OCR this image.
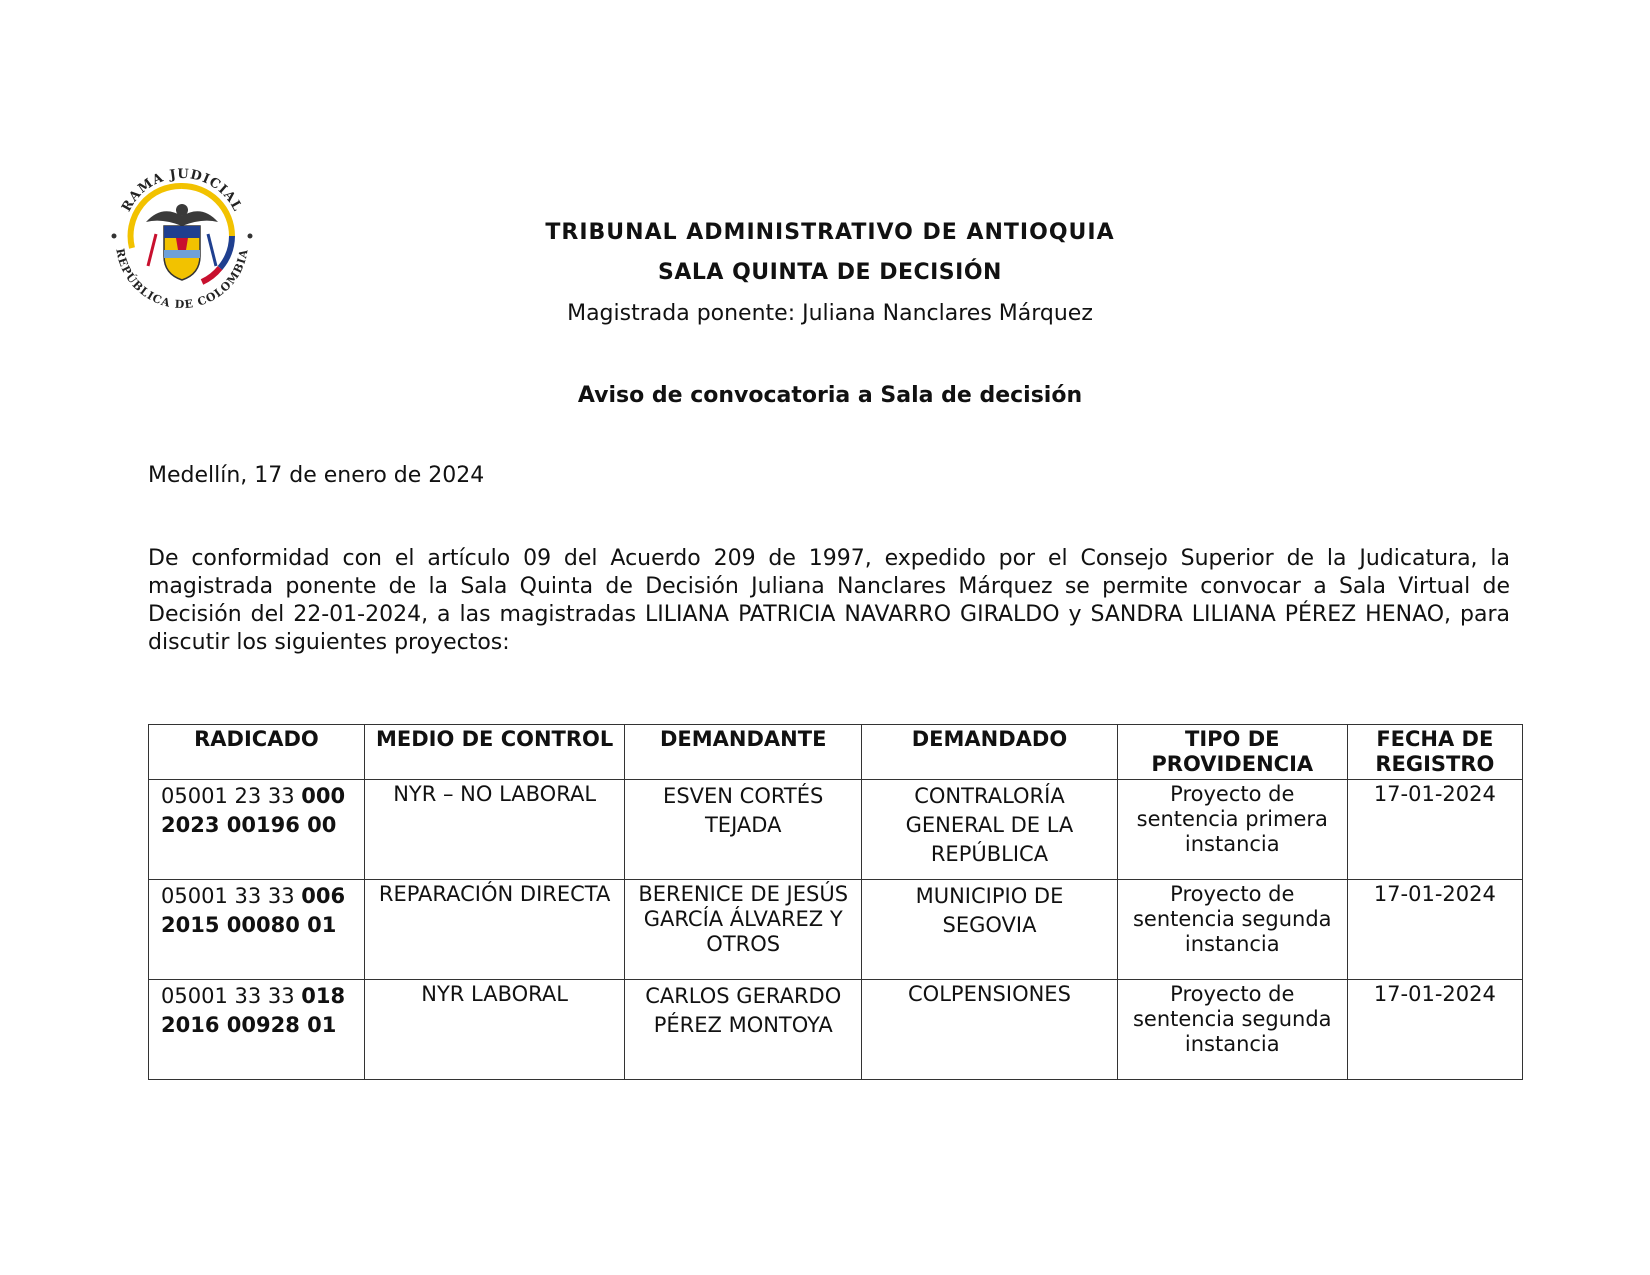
RAMA JUDICIAL
REPÚBLICA DE COLOMBIA
TRIBUNAL ADMINISTRATIVO DE ANTIOQUIA
SALA QUINTA DE DECISIÓN
Magistrada ponente: Juliana Nanclares Márquez
Aviso de convocatoria a Sala de decisión
Medellín, 17 de enero de 2024
De conformidad con el artículo 09 del Acuerdo 209 de 1997, expedido por el Consejo Superior de la Judicatura, la magistrada ponente de la Sala Quinta de Decisión Juliana Nanclares Márquez se permite convocar a Sala Virtual de Decisión del 22-01-2024, a las magistradas LILIANA PATRICIA NAVARRO GIRALDO y SANDRA LILIANA PÉREZ HENAO, para discutir los siguientes proyectos:
RADICADO	MEDIO DE CONTROL	DEMANDANTE	DEMANDADO	TIPO DE PROVIDENCIA	FECHA DE REGISTRO
05001 23 33 000
2023 00196 00	NYR – NO LABORAL	ESVEN CORTÉS TEJADA	CONTRALORÍA GENERAL DE LA REPÚBLICA	Proyecto de sentencia primera instancia	17-01-2024
05001 33 33 006
2015 00080 01	REPARACIÓN DIRECTA	BERENICE DE JESÚS GARCÍA ÁLVAREZ Y OTROS	MUNICIPIO DE SEGOVIA	Proyecto de sentencia segunda instancia	17-01-2024
05001 33 33 018
2016 00928 01	NYR LABORAL	CARLOS GERARDO PÉREZ MONTOYA	COLPENSIONES	Proyecto de sentencia segunda instancia	17-01-2024
